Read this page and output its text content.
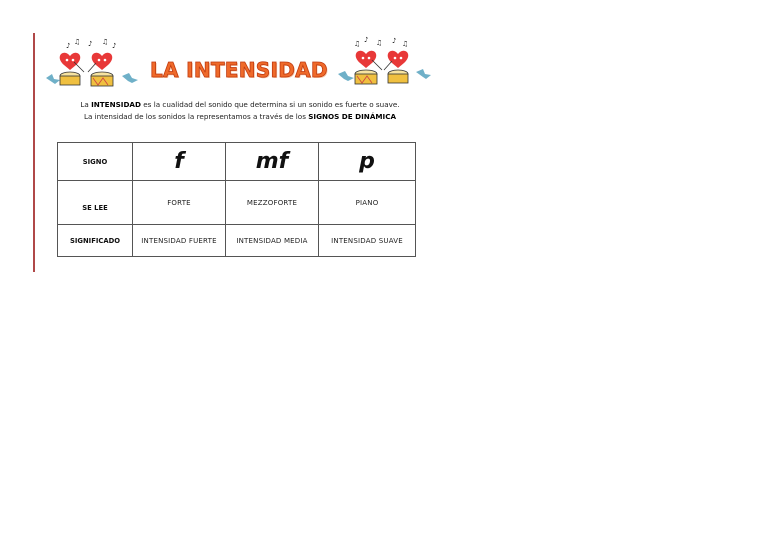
♪ ♫ ♪ ♫ ♪
LA INTENSIDAD
♫ ♪ ♫ ♪ ♫
La INTENSIDAD es la cualidad del sonido que determina si un sonido es fuerte o suave.
La intensidad de los sonidos la representamos a través de los SIGNOS DE DINÁMICA
SIGNO	f	mf	p
SE LEE	FORTE	MEZZOFORTE	PIANO
SIGNIFICADO	INTENSIDAD FUERTE	INTENSIDAD MEDIA	INTENSIDAD SUAVE
